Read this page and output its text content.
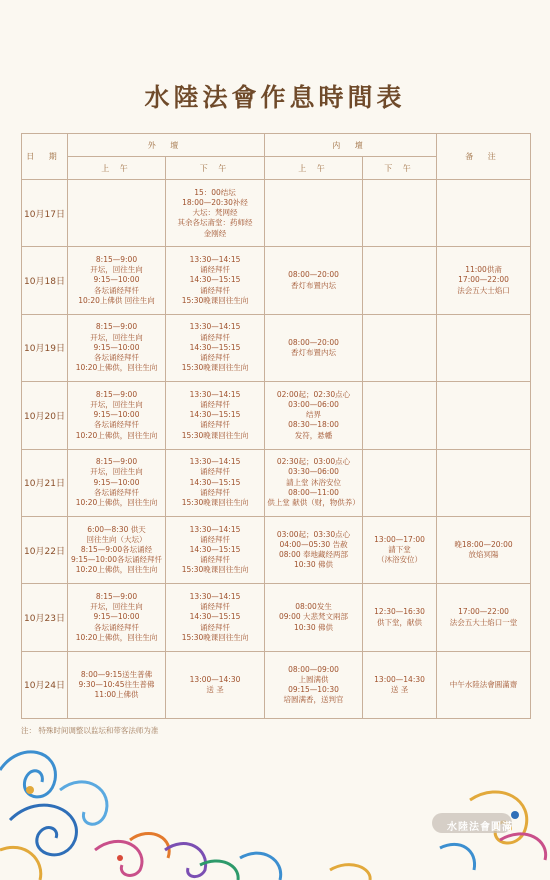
水陸法會作息時間表
日 期	外 壇		内 壇		备 注
	上 午	下 午	上 午	下 午	
10月17日		15：00结坛
18:00—20:30补经
大坛：梵网经
其余各坛斋堂：药师经
金刚经			

10月18日	8:15—9:00
开坛，回往生向
9:15—10:00
各坛诵经拜忏
10:20上佛供 回往生向	13:30—14:15
诵经拜忏
14:30—15:15
诵经拜忏
15:30晚课回往生向	08:00—20:00
香灯布置内坛		11:00供斋
17:00—22:00
法会五大士焰口

10月19日	8:15—9:00
开坛，回往生向
9:15—10:00
各坛诵经拜忏
10:20上佛供，回往生向	13:30—14:15
诵经拜忏
14:30—15:15
诵经拜忏
15:30晚课回往生向	08:00—20:00
香灯布置内坛		

10月20日	8:15—9:00
开坛，回往生向
9:15—10:00
各坛诵经拜忏
10:20上佛供，回往生向	13:30—14:15
诵经拜忏
14:30—15:15
诵经拜忏
15:30晚课回往生向	02:00起；02:30点心
03:00—06:00
结界
08:30—18:00
发符，悬幡		

10月21日	8:15—9:00
开坛，回往生向
9:15—10:00
各坛诵经拜忏
10:20上佛供，回往生向	13:30—14:15
诵经拜忏
14:30—15:15
诵经拜忏
15:30晚课回往生向	02:30起；03:00点心
03:30—06:00
請上堂 沐浴安位
08:00—11:00
供上堂 献供（财，物供养）		

10月22日	6:00—8:30 供天
回往生向（大坛）
8:15—9:00各坛诵经
9:15—10:00各坛诵经拜忏
10:20上佛供，回往生向	13:30—14:15
诵经拜忏
14:30—15:15
诵经拜忏
15:30晚课回往生向	03:00起；03:30点心
04:00—05:30 告赦
08:00 奉地藏经两部
10:30 佛供	13:00—17:00
請下堂
（沐浴安位）	晚18:00—20:00
放焰冥陽

10月23日	8:15—9:00
开坛，回往生向
9:15—10:00
各坛诵经拜忏
10:20上佛供，回往生向	13:30—14:15
诵经拜忏
14:30—15:15
诵经拜忏
15:30晚课回往生向	08:00发生
09:00 大悲梵文兩部
10:30 佛供	12:30—16:30
供下堂，献供	17:00—22:00
法会五大士焰口一堂

10月24日	8:00—9:15送生普佛
9:30—10:45往生普佛
11:00上佛供	13:00—14:30
送 圣	08:00—09:00
上圆满供
09:15—10:30
培圆满香，送判官	13:00—14:30
送 圣	中午水陸法會圓滿齋
注： 特殊时间调整以监坛和带客法师为准
水陸法會圓滿
